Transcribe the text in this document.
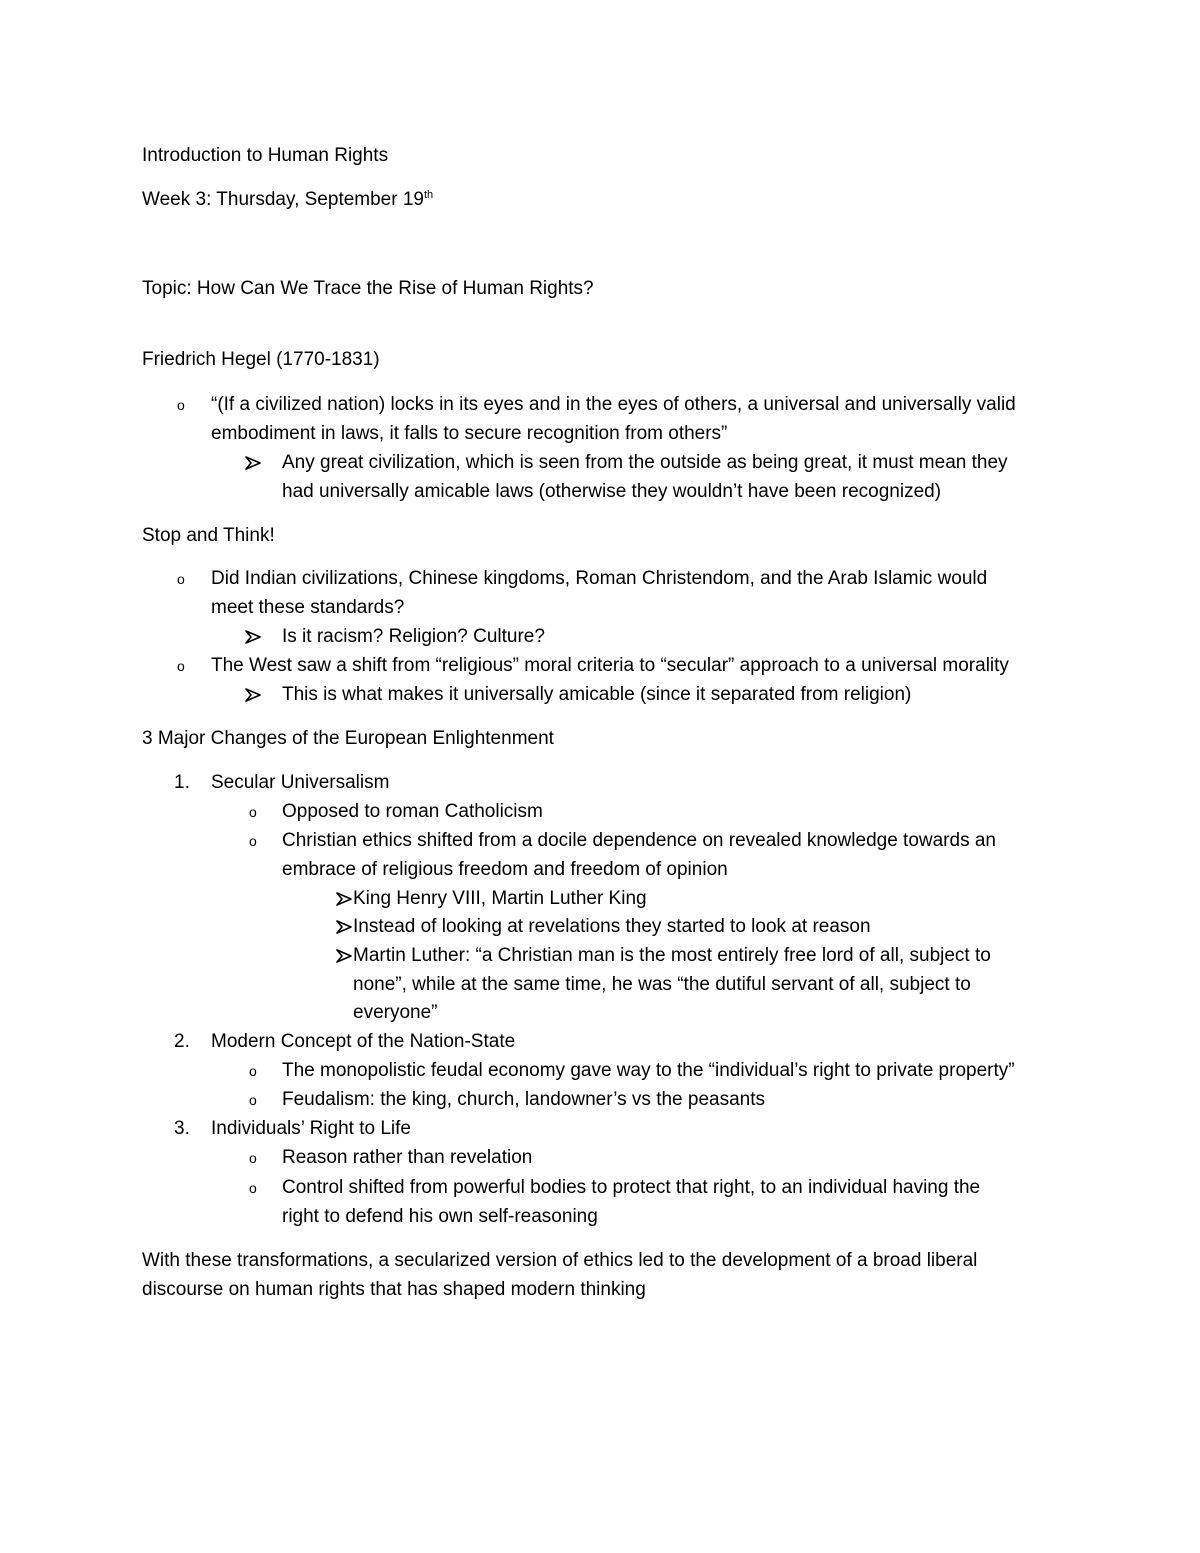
Introduction to Human Rights
Week 3: Thursday, September 19th
Topic: How Can We Trace the Rise of Human Rights?
Friedrich Hegel (1770-1831)
o “(If a civilized nation) locks in its eyes and in the eyes of others, a universal and universally valid
embodiment in laws, it falls to secure recognition from others”
Any great civilization, which is seen from the outside as being great, it must mean they
had universally amicable laws (otherwise they wouldn’t have been recognized)
Stop and Think!
o Did Indian civilizations, Chinese kingdoms, Roman Christendom, and the Arab Islamic would
meet these standards?
Is it racism? Religion? Culture?
o The West saw a shift from “religious” moral criteria to “secular” approach to a universal morality
This is what makes it universally amicable (since it separated from religion)
3 Major Changes of the European Enlightenment
1. Secular Universalism
o Opposed to roman Catholicism
o Christian ethics shifted from a docile dependence on revealed knowledge towards an
embrace of religious freedom and freedom of opinion
King Henry VIII, Martin Luther King
Instead of looking at revelations they started to look at reason
Martin Luther: “a Christian man is the most entirely free lord of all, subject to
none”, while at the same time, he was “the dutiful servant of all, subject to
everyone”
2. Modern Concept of the Nation-State
o The monopolistic feudal economy gave way to the “individual’s right to private property”
o Feudalism: the king, church, landowner’s vs the peasants
3. Individuals’ Right to Life
o Reason rather than revelation
o Control shifted from powerful bodies to protect that right, to an individual having the
right to defend his own self-reasoning
With these transformations, a secularized version of ethics led to the development of a broad liberal
discourse on human rights that has shaped modern thinking
